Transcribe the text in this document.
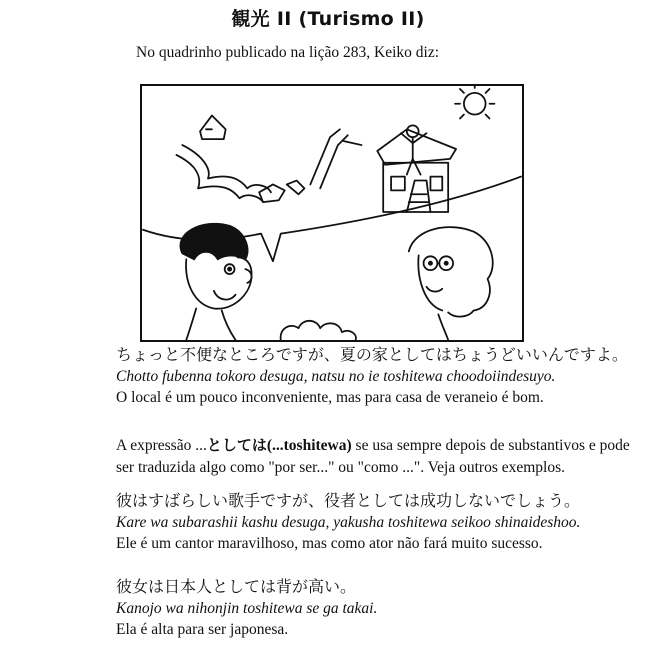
観光 II (Turismo II)
No quadrinho publicado na lição 283, Keiko diz:
ちょっと不便なところですが、夏の家としてはちょうどいいんですよ。
Chotto fubenna tokoro desuga, natsu no ie toshitewa choodoiindesuyo.
O local é um pouco inconveniente, mas para casa de veraneio é bom.
A expressão ...としては(...toshitewa) se usa sempre depois de substantivos e pode
ser traduzida algo como "por ser..." ou "como ...". Veja outros exemplos.
彼はすばらしい歌手ですが、役者としては成功しないでしょう。
Kare wa subarashii kashu desuga, yakusha toshitewa seikoo shinaideshoo.
Ele é um cantor maravilhoso, mas como ator não fará muito sucesso.
彼女は日本人としては背が高い。
Kanojo wa nihonjin toshitewa se ga takai.
Ela é alta para ser japonesa.
